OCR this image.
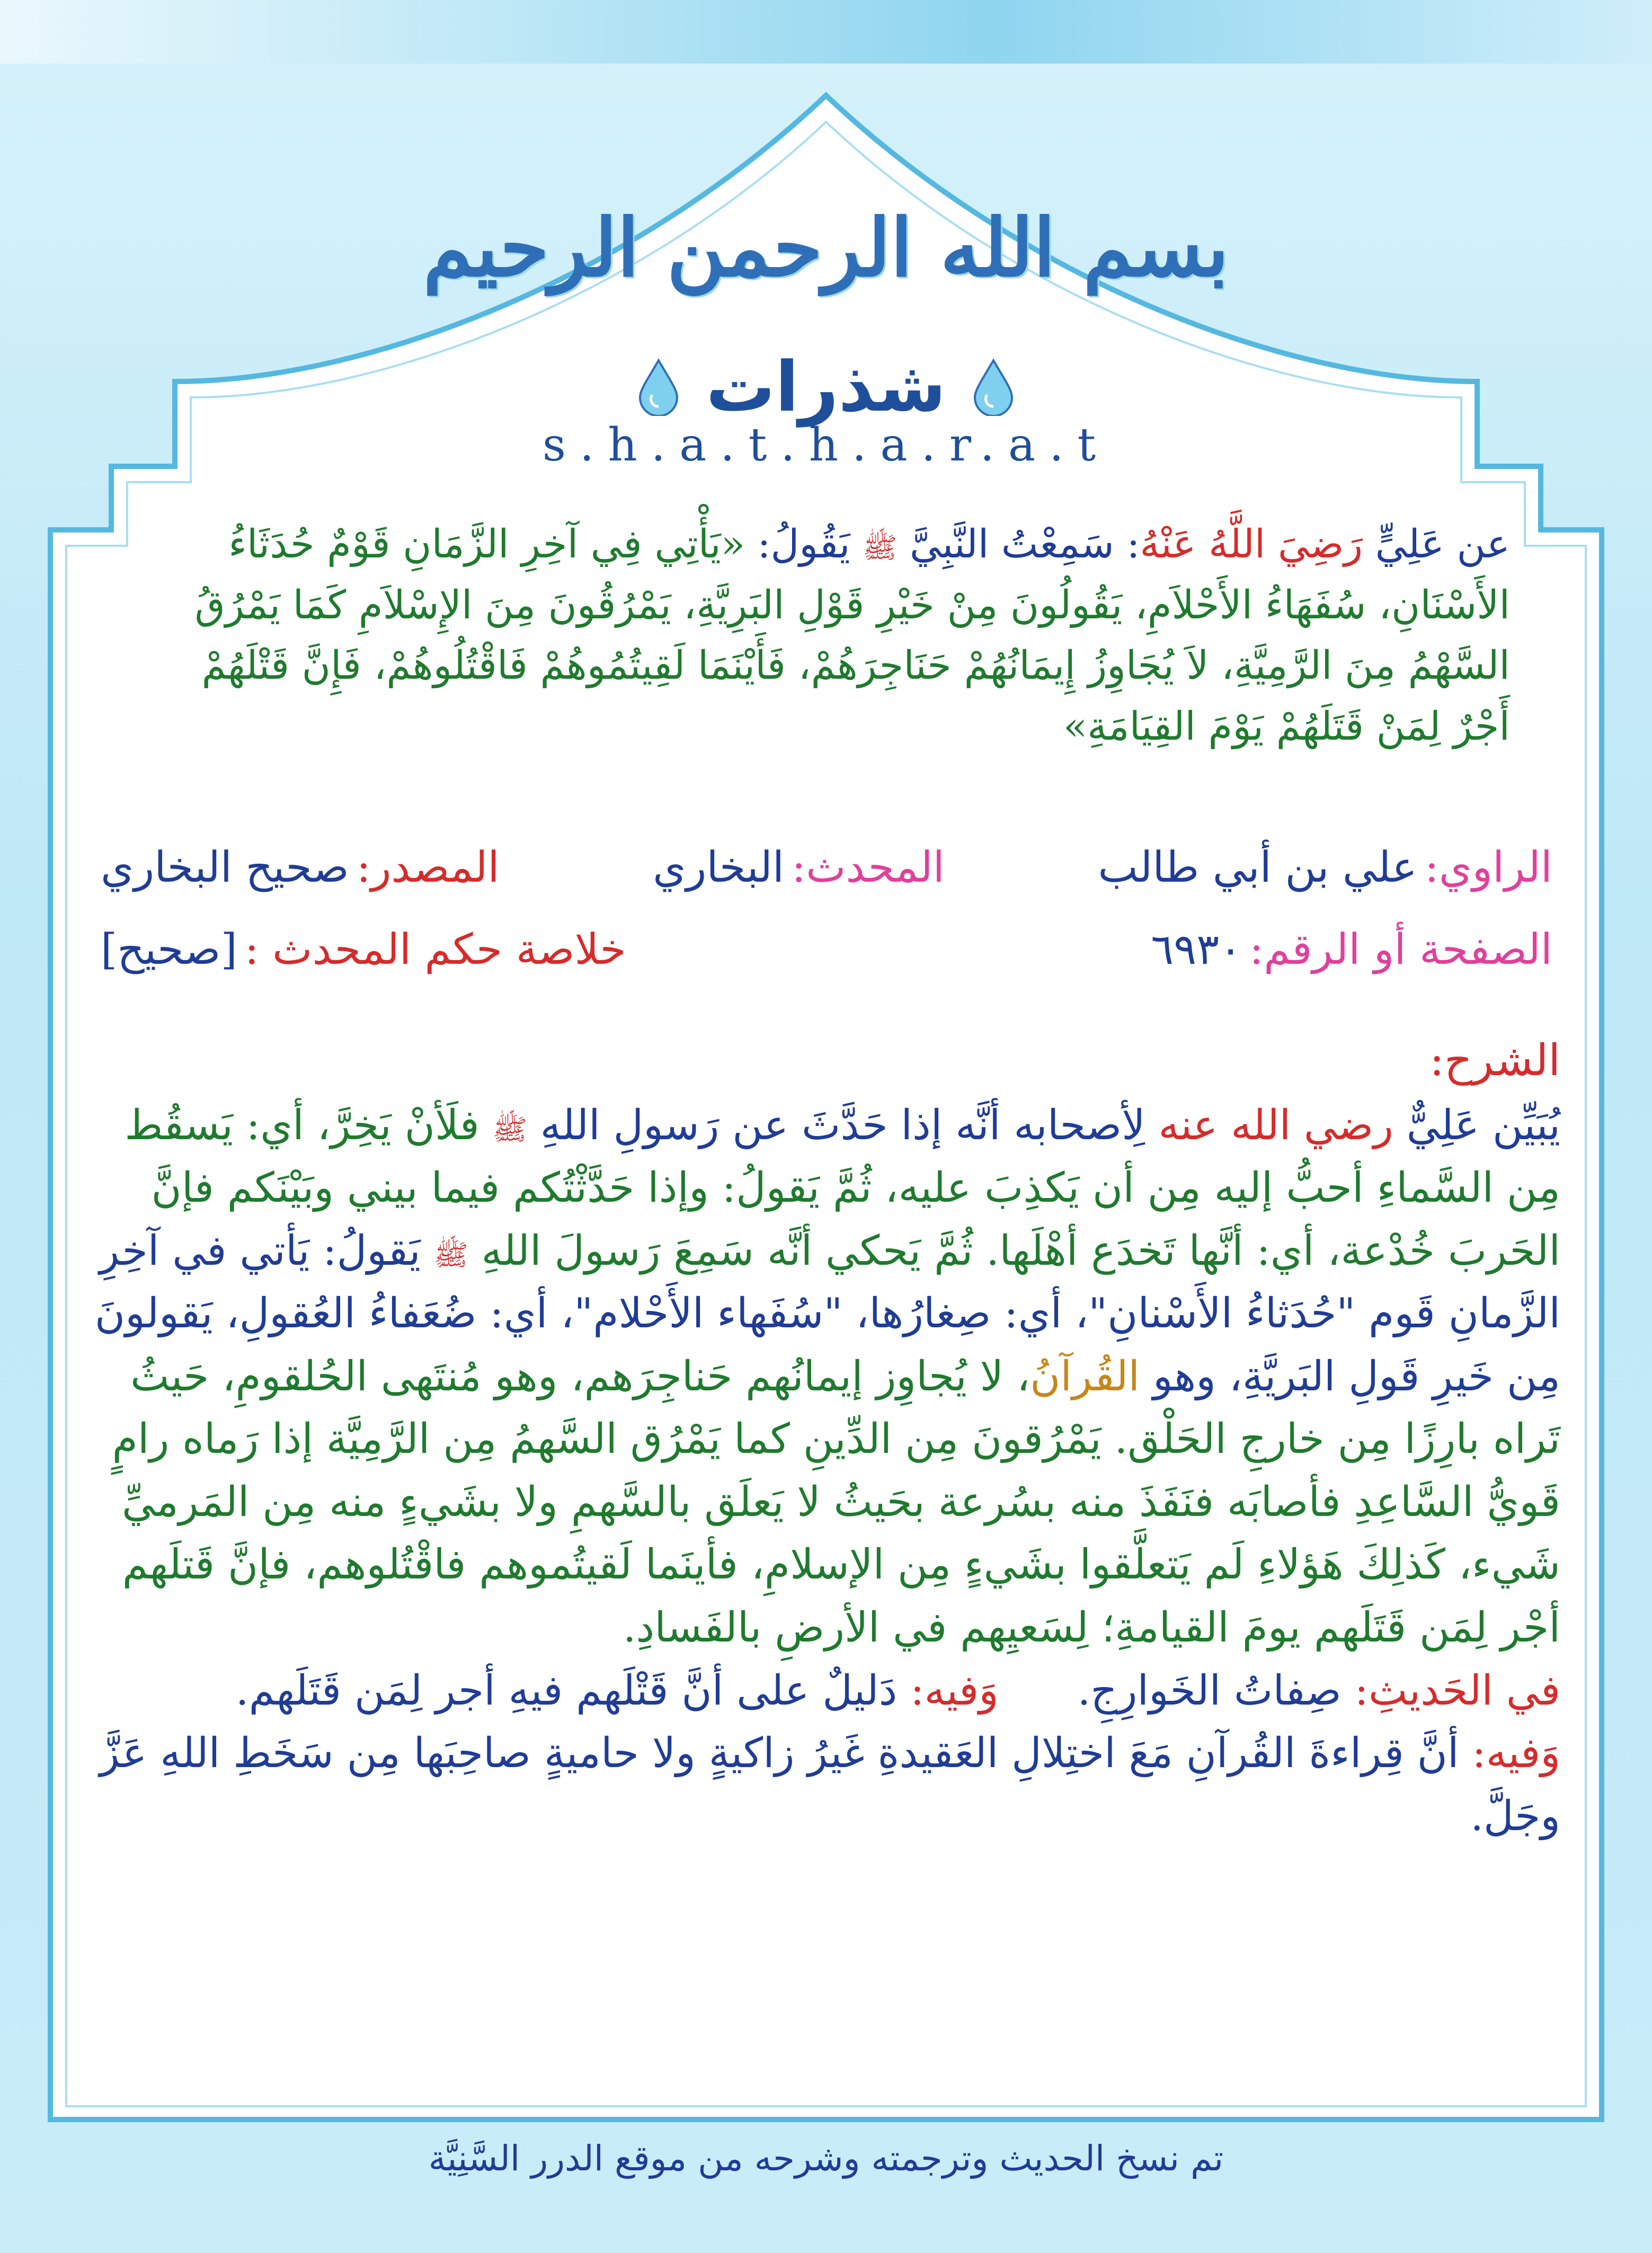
بسم الله الرحمن الرحيم
شذرات
s.h.a.t.h.a.r.a.t
عن عَلِيٍّ رَضِيَ اللَّهُ عَنْهُ: سَمِعْتُ النَّبِيَّ ﷺ يَقُولُ: «يَأْتِي فِي آخِرِ الزَّمَانِ قَوْمٌ حُدَثَاءُ الأَسْنَانِ، سُفَهَاءُ الأَحْلاَمِ، يَقُولُونَ مِنْ خَيْرِ قَوْلِ البَرِيَّةِ، يَمْرُقُونَ مِنَ الإِسْلاَمِ كَمَا يَمْرُقُ السَّهْمُ مِنَ الرَّمِيَّةِ، لاَ يُجَاوِزُ إِيمَانُهُمْ حَنَاجِرَهُمْ، فَأَيْنَمَا لَقِيتُمُوهُمْ فَاقْتُلُوهُمْ، فَإِنَّ قَتْلَهُمْ أَجْرٌ لِمَنْ قَتَلَهُمْ يَوْمَ القِيَامَةِ»
الراوي:
علي بن أبي طالب
المحدث:
البخاري
المصدر:
صحيح البخاري
الصفحة أو الرقم:
٦٩٣٠
خلاصة حكم المحدث :
[صحيح]
الشرح:
يُبَيِّن عَلِيٌّ رضي الله عنه لِأصحابه أنَّه إذا حَدَّثَ عن رَسولِ اللهِ ﷺ فلَأنْ يَخِرَّ، أي: يَسقُط مِن السَّماءِ أحبُّ إليه مِن أن يَكذِبَ عليه، ثُمَّ يَقولُ: وإذا حَدَّثْتُكم فيما بيني وبَيْنَكم فإنَّ الحَربَ خُدْعة، أي: أنَّها تَخدَع أهْلَها. ثُمَّ يَحكي أنَّه سَمِعَ رَسولَ اللهِ ﷺ يَقولُ: يَأتي في آخِرِ الزَّمانِ قَوم "حُدَثاءُ الأَسْنانِ"، أي: صِغارُها، "سُفَهاء الأَحْلام"، أي: ضُعَفاءُ العُقولِ، يَقولونَ مِن خَيرِ قَولِ البَريَّةِ، وهو القُرآنُ، لا يُجاوِز إيمانُهم حَناجِرَهم، وهو مُنتَهى الحُلقومِ، حَيثُ تَراه بارِزًا مِن خارجِ الحَلْق. يَمْرُقونَ مِن الدِّينِ كما يَمْرُق السَّهمُ مِن الرَّمِيَّة إذا رَماه رامٍ قَويُّ السَّاعِدِ فأصابَه فنَفَذَ منه بسُرعة بحَيثُ لا يَعلَق بالسَّهمِ ولا بشَيءٍ منه مِن المَرميِّ شَيء، كَذلِكَ هَؤلاءِ لَم يَتعلَّقوا بشَيءٍ مِن الإسلامِ، فأينَما لَقيتُموهم فاقْتُلوهم، فإنَّ قَتلَهم أجْر لِمَن قَتَلَهم يومَ القيامةِ؛ لِسَعيِهم في الأرضِ بالفَسادِ.
في الحَديثِ: صِفاتُ الخَوارِجِ.      وَفيه: دَليلٌ على أنَّ قَتْلَهم فيهِ أجر لِمَن قَتَلَهم.
وَفيه: أنَّ قِراءةَ القُرآنِ مَعَ اختِلالِ العَقيدةِ غَيرُ زاكيةٍ ولا حاميةٍ صاحِبَها مِن سَخَطِ اللهِ عَزَّ وجَلَّ.
تم نسخ الحديث وترجمته وشرحه من موقع الدرر السَّنِيَّة
